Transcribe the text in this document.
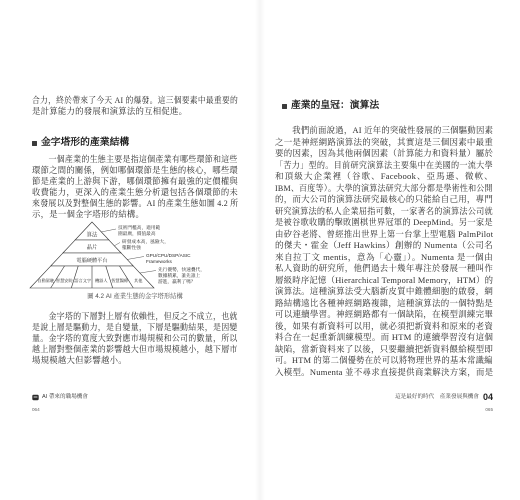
合力，終於帶來了今天 AI 的爆發。這三個要素中最重要的
是計算能力的發展和演算法的互相促進。
金字塔形的產業結構
　　一個產業的生態主要是指這個產業有哪些環節和這些
環節之間的關係，例如哪個環節是生態的核心，哪些環
節是產業的上游與下游，哪個環節擁有最強的定價權與
收費能力，更深入的產業生態分析還包括各個環節的未
來發展以及對整個生態的影響。AI 的產業生態如圖 4.2 所
示，是一個金字塔形的結構。
算法
晶片
電腦硬體平台
自動駕駛 智慧安防 語言文字 機器人 智慧醫療 其他
技術門檻高，適用範
圍最廣，價值最高
研發成本高，風險大，
壟斷性強
GPU/CPU/DSP/ASIC
Frameworks
先行優勢，快速疊代，
數據積累，誰先誰上
游進，贏利了嗎？
圖 4.2 AI 產業生態的金字塔形結構
　　金字塔的下層對上層有依賴性，但反之不成立，也就
是說上層是驅動力，是自變量，下層是驅動結果，是因變
量。金字塔的寬度大致對應市場規模和公司的數量，所以
越上層對整個產業的影響越大但市場規模越小，越下層市
場規模越大但影響越小。
AI 帶來的職場機會
064
產業的皇冠：演算法
　　我們前面說過，AI 近年的突破性發展的三個驅動因素
之一是神經網路演算法的突破，其實這是三個因素中最重
要的因素，因為其他兩個因素（計算能力和資料量）屬於
「苦力」型的。目前研究演算法主要集中在美國的一流大學
和頂級大企業裡（谷歌、Facebook、亞馬遜、微軟、
IBM、百度等）。大學的演算法研究大部分都是學術性和公開
的，而大公司的演算法研究最核心的只能給自己用，專門
研究演算法的私人企業屈指可數，一家著名的演算法公司就
是被谷歌收購的擊敗圍棋世界冠軍的 DeepMind。另一家是
由矽谷老將、曾經推出世界上第一台掌上型電腦 PalmPilot
的傑夫・霍金（Jeff Hawkins）創辦的 Numenta（公司名
來自拉丁文 mentis，意為「心靈」）。Numenta 是一個由
私人資助的研究所，他們過去十幾年專注於發展一種叫作
層級時序記憶（Hierarchical Temporal Memory，HTM）的
演算法。這種演算法受大腦新皮質中錐體細胞的啟發，網
路結構遠比各種神經網路複雜，這種演算法的一個特點是
可以連續學習。神經網路都有一個缺陷，在模型訓練完畢
後，如果有新資料可以用，就必須把新資料和原來的老資
料合在一起重新訓練模型。而 HTM 的連續學習沒有這個
缺陷，當新資料來了以後，只要繼續把新資料餵給模型即
可。HTM 的第二個優勢在於可以將物理世界的基本常識編
入模型。Numenta 並不尋求直接提供商業解決方案，而是
這是最好的時代　產業發展與機會 04
065
